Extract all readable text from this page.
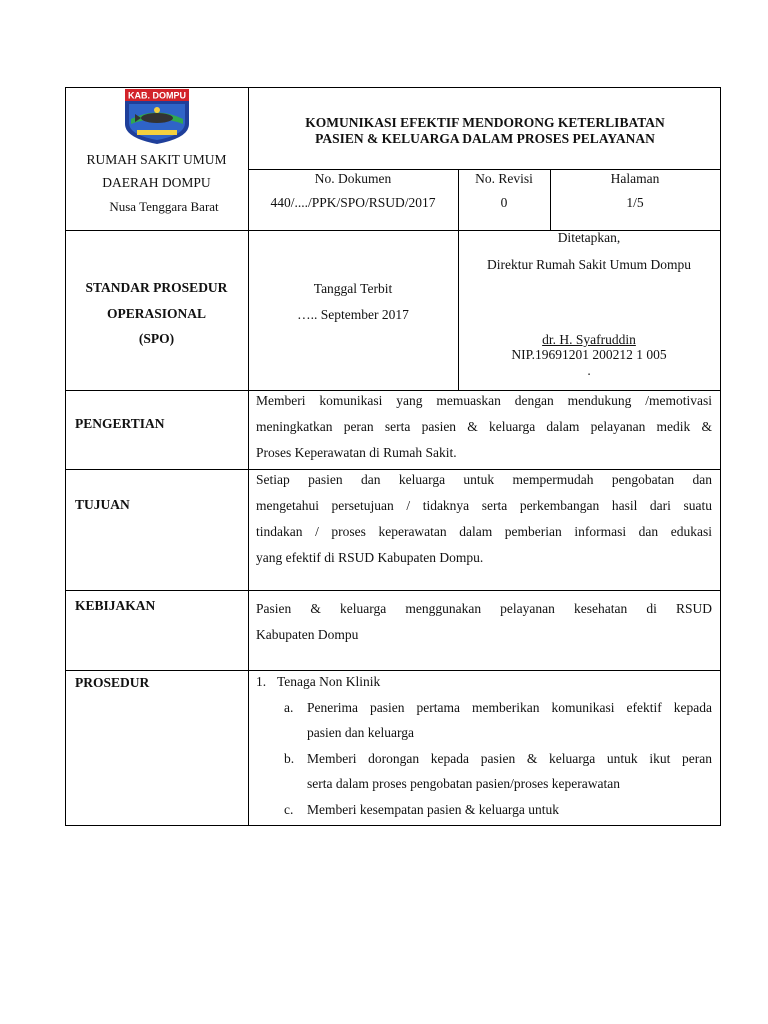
KAB. DOMPU
RUMAH SAKIT UMUM
DAERAH DOMPU
Nusa Tenggara Barat
KOMUNIKASI EFEKTIF MENDORONG KETERLIBATAN
PASIEN & KELUARGA DALAM PROSES PELAYANAN
No. Dokumen
440/..../PPK/SPO/RSUD/2017
No. Revisi
0
Halaman
1/5
STANDAR PROSEDUR
OPERASIONAL
(SPO)
Tanggal Terbit
….. September 2017
Ditetapkan,
Direktur Rumah Sakit Umum Dompu
dr. H. Syafruddin
NIP.19691201 200212 1 005
.
PENGERTIAN
Memberi komunikasi yang memuaskan dengan mendukung /memotivasi
meningkatkan peran serta pasien & keluarga dalam pelayanan medik &
Proses Keperawatan di Rumah Sakit.
TUJUAN
Setiap pasien dan keluarga untuk mempermudah pengobatan dan
mengetahui persetujuan / tidaknya serta perkembangan hasil dari suatu
tindakan / proses keperawatan dalam pemberian informasi dan edukasi
yang efektif di RSUD Kabupaten Dompu.
KEBIJAKAN	Pasien & keluarga menggunakan pelayanan kesehatan di RSUD
Kabupaten Dompu
PROSEDUR	1. Tenaga Non Klinik
a. Penerima pasien pertama memberikan komunikasi efektif kepada
pasien dan keluarga
b. Memberi dorongan kepada pasien & keluarga untuk ikut peran
serta dalam proses pengobatan pasien/proses keperawatan
c. Memberi kesempatan pasien & keluarga untuk
